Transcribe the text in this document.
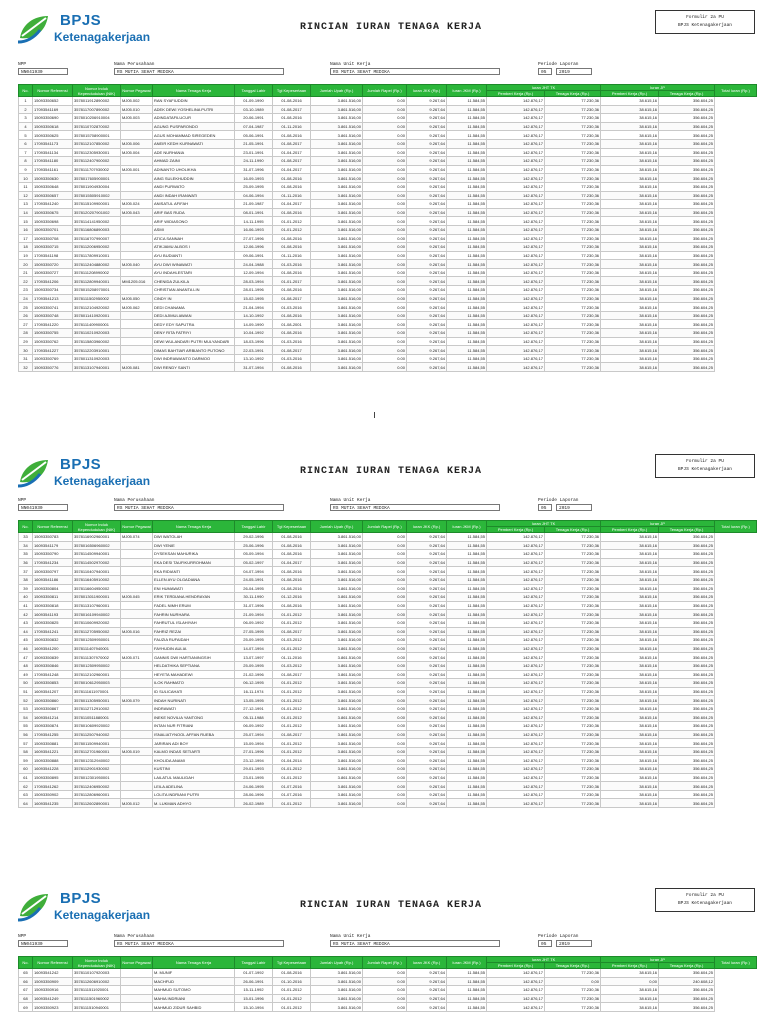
BPJS
Ketenagakerjaan
RINCIAN IURAN TENAGA KERJA
Formulir 2a PU
BPJS Ketenagakerjaan
NPP
NN041930
Nama Perusahaan
RS MUTIA SEHAT MEDIKA
Nama Unit Kerja
RS MUTIA SEHAT MEDIKA
Periode Laporan
05	2019
No.	Nomor Referensi	Nomor Induk Kependudukan (NIK)	Nomor Pegawai	Nama Tenaga Kerja	Tanggal Lahir	Tgl Kepesertaan	Jumlah Upah (Rp.)	Jumlah Rapel (Rp.)	Iuran JKK (Rp.)	Iuran JKM (Rp.)	Iuran JHT TK		Iuran JP		Total Iuran (Rp.)
											Pemberi Kerja (Rp.)	Tenaga Kerja (Rp.)	Pemberi Kerja (Rp.)	Tenaga Kerja (Rp.)	
1	15093350652	3578011912890002	MJ05.002	RAN SYAFIUDDIN	01-09-1990	01-08-2016	3.861.516,00	0.00	9.267,64	11.584,55	142.876,17	77.230,36	38.615,16	356.604,25	
2	17093541169	3578117007890002	MJ05.010	ADEK DEWI YOSHELINA PUTRI	03-10-1989	01-08-2017	3.861.516,00	0.00	9.267,64	11.584,55	142.876,17	77.230,36	38.615,16	356.604,25	
3	15093350690	3578010206910004	MJ05.003	ADINDATAFILUCUR	20-06-1991	01-08-2016	3.861.516,00	0.00	9.267,64	11.584,55	142.876,17	77.230,36	38.615,16	356.604,25	
4	15093350618	3578110702870002		AGUNG PUSPARONDO	07-04-1987	01-11-2016	3.861.516,00	0.00	9.267,64	11.584,55	142.876,17	77.230,36	38.615,16	356.604,25	
5	15093350625	3578015708900001		AGUS MOHAMMAD SIREGEDEN	05-06-1991	01-08-2016	3.861.516,00	0.00	9.267,64	11.584,55	142.876,17	77.230,36	38.615,16	356.604,25	
6	17093541173	3578112107850002	MJ05.006	ANEIR KEDH KURNAWATI	21-05-1991	01-08-2017	3.861.516,00	0.00	9.267,64	11.584,55	142.876,17	77.230,36	38.615,16	356.604,25	
7	17093541134	3578112305930001	MJ05.004	ADE NURHANIA	23-01-1991	01-04-2017	3.861.516,00	0.00	9.267,64	11.584,55	142.876,17	77.230,36	38.615,16	356.604,25	
8	17093541180	3578112407900002		AHMAD ZAINI	24-11-1990	01-08-2017	3.861.516,00	0.00	9.267,64	11.584,55	142.876,17	77.230,36	38.615,16	356.604,25	
9	17093541161	3578111707930002	MJ05.001	ADINANTO UHOLIKHA	31-07-1996	01-04-2017	3.861.516,00	0.00	9.267,64	11.584,55	142.876,17	77.230,36	38.615,16	356.604,25	
10	15093350630	3578017605900001		AING SULEKHUDDIN	16-09-1993	01-08-2016	3.861.516,00	0.00	9.267,64	11.584,55	142.876,17	77.230,36	38.615,16	356.604,25	
11	15093350648	3578011904930004		ANDI PURWATO	25-09-1995	01-08-2016	3.861.516,00	0.00	9.267,64	11.584,55	142.876,17	77.230,36	38.615,16	356.604,25	
12	15093350657	3578015505910002		ANDI INDAH IRANWATI	04-06-1994	01-11-2016	3.861.516,00	0.00	9.267,64	11.584,55	142.876,17	77.230,36	38.615,16	356.604,25	
13	17093541240	3578115109900001	MJ05.024	ANISATUL AFIFAH	21-09-1987	01-04-2017	3.861.516,00	0.00	9.267,64	11.584,55	142.876,17	77.230,36	38.615,16	356.604,25	
14	15093350675	3578120207901002	MJ05.043	ARIF BAS RUDA	08-01-1991	01-08-2016	3.861.516,00	0.00	9.267,64	11.584,55	142.876,17	77.230,36	38.615,16	356.604,25	
15	15093350698	3578114141950002		ARIF WIDIASONO	14-11-1995	01-01-2012	3.861.516,00	0.00	9.267,64	11.584,55	142.876,17	77.230,36	38.615,16	356.604,25	
16	15093350701	3578116806890003		ASMI	16-06-1993	01-01-2012	3.861.516,00	0.00	9.267,64	11.584,55	142.876,17	77.230,36	38.615,16	356.604,25	
17	15093350708	3578116707990007		ATICA SANNAH	27-07-1996	01-08-2016	3.861.516,00	0.00	9.267,64	11.584,55	142.876,17	77.230,36	38.615,16	356.604,25	
18	15093350715	3578112006950002		ATIKJAMU ALBOS I	12-06-1996	01-08-2016	3.861.516,00	0.00	9.267,64	11.584,55	142.876,17	77.230,36	38.615,16	356.604,25	
19	17093541198	3578117809910001		AYU BUDIANTI	09-06-1991	01-11-2016	3.861.516,00	0.00	9.267,64	11.584,55	142.876,17	77.230,36	38.615,16	356.604,25	
20	15093350720	3578112404880002	MJ05.040	AYU DWI WINAWATI	24-04-1988	01-03-2016	3.861.516,00	0.00	9.267,64	11.584,55	142.876,17	77.230,36	38.615,16	356.604,25	
21	15093350727	3578111208990002		AYU INDAHLESTARI	12-09-1994	01-08-2016	3.861.516,00	0.00	9.267,64	11.584,55	142.876,17	77.230,36	38.615,16	356.604,25	
22	17093541206	3578112809940001	MM1205.016	CHENIDA ZULKILA	28-03-1994	01-01-2017	3.861.516,00	0.00	9.267,64	11.584,55	142.876,17	77.230,36	38.615,16	356.604,25	
23	15093350734	3578015208970001		CHRISTIAN ANANTA LIN	28-01-1996	01-08-2016	3.861.516,00	0.00	9.267,64	11.584,55	142.876,17	77.230,36	38.615,16	356.604,25	
24	17093541213	3578111502950002	MJ05.050	CINDY IN	15-02-1995	01-08-2017	3.861.516,00	0.00	9.267,64	11.584,55	142.876,17	77.230,36	38.615,16	356.604,25	
25	15093350741	3578112104920002	MJ05.062	DEDI CHANAMA	21-04-1994	01-03-2016	3.861.516,00	0.00	9.267,64	11.584,55	142.876,17	77.230,36	38.615,16	356.604,25	
26	15093350748	3578011410920001		DEDI AJIMULIAWAN	14-10-1992	01-08-2016	3.861.516,00	0.00	9.267,64	11.584,55	142.876,17	77.230,36	38.615,16	356.604,25	
27	17093541220	3578111409900001		DEDY EDY SAPUTRA	14-09-1990	01-08-2001	3.861.516,00	0.00	9.267,64	11.584,55	142.876,17	77.230,36	38.615,16	356.604,25	
28	15093350755	3578110210920003		DENY RITA FATRIYI	10-04-1992	01-08-2016	3.861.516,00	0.00	9.267,64	11.584,55	142.876,17	77.230,36	38.615,16	356.604,25	
29	15093350762	3578115803960002		DEWI WULANDARI PUTRI MULYANDARI	18-03-1996	01-03-2016	3.861.516,00	0.00	9.267,64	11.584,55	142.876,17	77.230,36	38.615,16	356.604,25	
30	17093541227	3578112203910001		DIMAS BAHTIAR ARBIANTO PUTONO	22-03-1991	01-08-2017	3.861.516,00	0.00	9.267,64	11.584,55	142.876,17	77.230,36	38.615,16	356.604,25	
31	15093350769	3578011310920003		DWI INDRIAWANTO DARMOO	13-10-1992	01-03-2016	3.861.516,00	0.00	9.267,64	11.584,55	142.876,17	77.230,36	38.615,16	356.604,25	
32	15093350776	3578113107940001	MJ05.081	DWI RENDY SANTI	31-07-1994	01-08-2016	3.861.516,00	0.00	9.267,64	11.584,55	142.876,17	77.230,36	38.615,16	356.604,25	
BPJS
Ketenagakerjaan
RINCIAN IURAN TENAGA KERJA
Formulir 2a PU
BPJS Ketenagakerjaan
NPP
NN041930
Nama Perusahaan
RS MUTIA SEHAT MEDIKA
Nama Unit Kerja
RS MUTIA SEHAT MEDIKA
Periode Laporan
05	2019
No.	Nomor Referensi	Nomor Induk Kependudukan (NIK)	Nomor Pegawai	Nama Tenaga Kerja	Tanggal Lahir	Tgl Kepesertaan	Jumlah Upah (Rp.)	Jumlah Rapel (Rp.)	Iuran JKK (Rp.)	Iuran JKM (Rp.)	Iuran JHT TK		Iuran JP		Total Iuran (Rp.)
											Pemberi Kerja (Rp.)	Tenaga Kerja (Rp.)	Pemberi Kerja (Rp.)	Tenaga Kerja (Rp.)	
33	15093350783	3578116902960001	MJ05.074	DWI WATOLAH	29-02-1996	01-08-2016	3.861.516,00	0.00	9.267,64	11.584,55	142.876,17	77.230,36	38.615,16	356.604,25	
34	16093541179	3578016506960002		DWI YENIE	25-06-1996	01-08-2016	3.861.516,00	0.00	9.267,64	11.584,55	142.876,17	77.230,36	38.615,16	356.604,25	
35	15093350790	3578114509940001		DYSEKSAN MAHURIKA	05-09-1994	01-08-2016	3.861.516,00	0.00	9.267,64	11.584,55	142.876,17	77.230,36	38.615,16	356.604,25	
36	17093541234	3578114502970002		EKA DESI TAUFIKURROHMAN	05-02-1997	01-04-2017	3.861.516,00	0.00	9.267,64	11.584,55	142.876,17	77.230,36	38.615,16	356.604,25	
37	15093350797	3578110407940001		EKA RIDIANTI	04-07-1994	01-08-2016	3.861.516,00	0.00	9.267,64	11.584,55	142.876,17	77.230,36	38.615,16	356.604,25	
38	16093541186	3578116405910002		ELLEN AYU OLGADIANA	24-05-1991	01-08-2016	3.861.516,00	0.00	9.267,64	11.584,55	142.876,17	77.230,36	38.615,16	356.604,25	
39	15093350804	3578116604950002		ENI HUMAWATI	26-04-1995	01-08-2016	3.861.516,00	0.00	9.267,64	11.584,55	142.876,17	77.230,36	38.615,16	356.604,25	
40	15093350811	3578013011900001	MJ05.045	ERIK TERDIANA HENDRAYAN	30-11-1990	01-12-2016	3.861.516,00	0.00	9.267,64	11.584,55	142.876,17	77.230,36	38.615,16	356.604,25	
41	15093350818	3578113107960001		FADEL NIMH ERUM	31-07-1996	01-08-2016	3.861.516,00	0.00	9.267,64	11.584,55	142.876,17	77.230,36	38.615,16	356.604,25	
42	16093541193	3578016109940002		FAHRIN NURHARA	21-09-1994	01-01-2012	3.861.516,00	0.00	9.267,64	11.584,55	142.876,17	77.230,36	38.615,16	356.604,25	
43	15093350825	3578110609920002		FAHRUTUL ISLAHIYAH	06-09-1992	01-01-2012	3.861.516,00	0.00	9.267,64	11.584,55	142.876,17	77.230,36	38.615,16	356.604,25	
44	17093541241	3578112705950002	MJ05.016	FAHRIZ REZAI	27-05-1995	01-08-2017	3.861.516,00	0.00	9.267,64	11.584,55	142.876,17	77.230,36	38.615,16	356.604,25	
45	15093350832	3578012509950001		FAUZIA RUFAIDAH	25-09-1995	01-03-2012	3.861.516,00	0.00	9.267,64	11.584,55	142.876,17	77.230,36	38.615,16	356.604,25	
46	16093541200	3578111407940001		FAYHUDIN AULIA	14-07-1994	01-01-2012	3.861.516,00	0.00	9.267,64	11.584,55	142.876,17	77.230,36	38.615,16	356.604,25	
47	15093350839	3578111307970002	MJ05.071	GANNIS DWI HARTIANINGSIH	13-07-1997	01-11-2016	3.861.516,00	0.00	9.267,64	11.584,55	142.876,17	77.230,36	38.615,16	356.604,25	
48	15093350846	3578012509950002		HELDATHIKA SEPTIANA	25-09-1995	01-03-2012	3.861.516,00	0.00	9.267,64	11.584,55	142.876,17	77.230,36	38.615,16	356.604,25	
49	17093541248	3578112102960001		HEYETA MAHADEWI	21-02-1996	01-08-2017	3.861.516,00	0.00	9.267,64	11.584,55	142.876,17	77.230,36	38.615,16	356.604,25	
50	15093350853	3578010612950003		ILOK RAHMATO	06-12-1995	01-01-2012	3.861.516,00	0.00	9.267,64	11.584,55	142.876,17	77.230,36	38.615,16	356.604,25	
51	16093541207	3578111611970001		ID SULICAHATI	16-11-1974	01-01-2012	3.861.516,00	0.00	9.267,64	11.584,55	142.876,17	77.230,36	38.615,16	356.604,25	
52	15093350860	3578011305950001	MJ05.079	INDAH NURINATI	13-05-1995	01-01-2012	3.861.516,00	0.00	9.267,64	11.584,55	142.876,17	77.230,36	38.615,16	356.604,25	
53	15093350867	3578112712910002		INDRAWATI	27-12-1991	01-01-2012	3.861.516,00	0.00	9.267,64	11.584,55	142.876,17	77.230,36	38.615,16	356.604,25	
54	16093541214	3578110511880001		INEKE NOVILIA YANTONG	05-11-1988	01-01-2012	3.861.516,00	0.00	9.267,64	11.584,55	142.876,17	77.230,36	38.615,16	356.604,25	
55	15093350874	3578010609920002		INTAN NUR FITRIANI	06-09-1992	01-01-2012	3.861.516,00	0.00	9.267,64	11.584,55	142.876,17	77.230,36	38.615,16	356.604,25	
56	17093541255	3578112507940002		ISNALIATYNOOL AFFAN RUEBA	25-07-1994	01-08-2017	3.861.516,00	0.00	9.267,64	11.584,55	142.876,17	77.230,36	38.615,16	356.604,25	
57	15093350881	3578011509940001		JARIRAN ADI BOY	15-09-1994	01-01-2012	3.861.516,00	0.00	9.267,64	11.584,55	142.876,17	77.230,36	38.615,16	356.604,25	
58	16093541221	3578112701960001	MJ05.019	KALMO INDAS SETIARTI	27-01-1996	01-01-2012	3.861.516,00	0.00	9.267,64	11.584,55	142.876,17	77.230,36	38.615,16	356.604,25	
59	15093350888	3578012312940002		KHOLIDA ANAMI	23-12-1994	01-04-2014	3.861.516,00	0.00	9.267,64	11.584,55	142.876,17	77.230,36	38.615,16	356.604,25	
60	16093541228	3578112901930002		KUSTINI	29-01-1993	01-01-2012	3.861.516,00	0.00	9.267,64	11.584,55	142.876,17	77.230,36	38.615,16	356.604,25	
61	15093350895	3578012301950001		LAILATUL MAULIDAH	23-01-1995	01-01-2012	3.861.516,00	0.00	9.267,64	11.584,55	142.876,17	77.230,36	38.615,16	356.604,25	
62	17093541262	3578112406950002		LEILA ADELINA	24-06-1995	01-07-2016	3.861.516,00	0.00	9.267,64	11.584,55	142.876,17	77.230,36	38.615,16	356.604,25	
63	15093350902	3578112806960001		LOLITA INDRIANI PUTRI	28-06-1996	01-07-2016	3.861.516,00	0.00	9.267,64	11.584,55	142.876,17	77.230,36	38.615,16	356.604,25	
64	16093541235	3578112602890001	MJ05.012	M. LUKMAN ADHYO	26-02-1989	01-01-2012	3.861.516,00	0.00	9.267,64	11.584,55	142.876,17	77.230,36	38.615,16	356.604,25	
BPJS
Ketenagakerjaan
RINCIAN IURAN TENAGA KERJA
Formulir 2a PU
BPJS Ketenagakerjaan
NPP
NN041930
Nama Perusahaan
RS MUTIA SEHAT MEDIKA
Nama Unit Kerja
RS MUTIA SEHAT MEDIKA
Periode Laporan
05	2019
No.	Nomor Referensi	Nomor Induk Kependudukan (NIK)	Nomor Pegawai	Nama Tenaga Kerja	Tanggal Lahir	Tgl Kepesertaan	Jumlah Upah (Rp.)	Jumlah Rapel (Rp.)	Iuran JKK (Rp.)	Iuran JKM (Rp.)	Iuran JHT TK		Iuran JP		Total Iuran (Rp.)
											Pemberi Kerja (Rp.)	Tenaga Kerja (Rp.)	Pemberi Kerja (Rp.)	Tenaga Kerja (Rp.)	
65	16093541242	3578110107920003		M. MUNIF	01-07-1992	01-08-2016	3.861.516,00	0.00	9.267,64	11.584,55	142.876,17	77.230,36	38.615,16	356.604,25	
66	15093350909	3578112606910002		MACHFUD	26-06-1991	01-10-2016	3.861.516,00	0.00	9.267,64	11.584,55	142.876,17	0,00	0,00	240.608,12	
67	15093350916	3578111511920001		MAHMUD SUTOMO	15-11-1992	01-01-2012	3.861.516,00	0.00	9.267,64	11.584,55	142.876,17	77.230,36	38.615,16	356.604,25	
68	16093541249	3578111501960002		MAHIA INDRIANI	15-01-1996	01-01-2012	3.861.516,00	0.00	9.267,64	11.584,55	142.876,17	77.230,36	38.615,16	356.604,25	
69	15093350923	3578111510940001		MAHMUD ZIDUR SAHBID	15-10-1994	01-01-2012	3.861.516,00	0.00	9.267,64	11.584,55	142.876,17	77.230,36	38.615,16	356.604,25	
